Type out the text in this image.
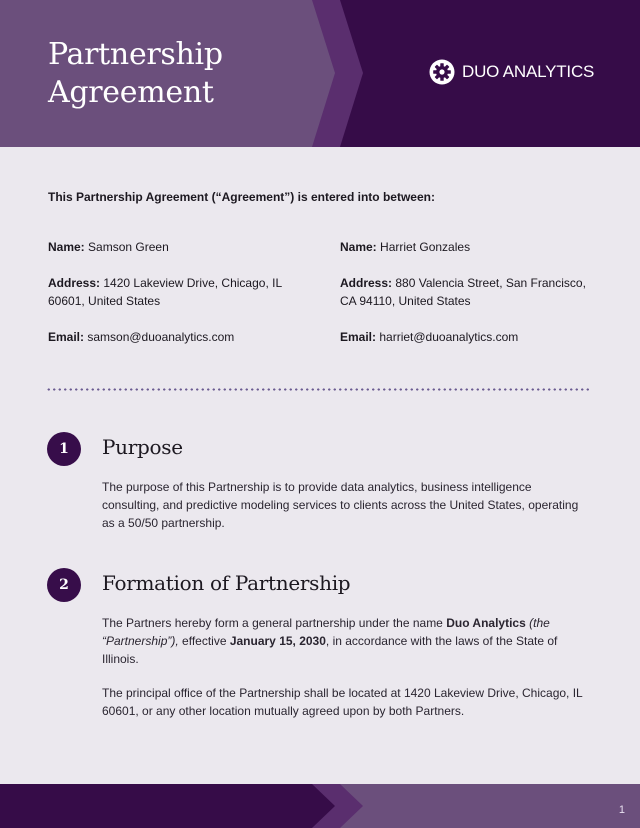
Partnership
Agreement
DUO ANALYTICS

This Partnership Agreement (“Agreement”) is entered into between:

Name: Samson Green

Address: 1420 Lakeview Drive, Chicago, IL 60601, United States

Email: samson@duoanalytics.com

Name: Harriet Gonzales

Address: 880 Valencia Street, San Francisco, CA 94110, United States

Email: harriet@duoanalytics.com

1	Purpose

The purpose of this Partnership is to provide data analytics, business intelligence consulting, and predictive modeling services to clients across the United States, operating as a 50/50 partnership.

2	Formation of Partnership

The Partners hereby form a general partnership under the name Duo Analytics (the “Partnership”), effective January 15, 2030, in accordance with the laws of the State of Illinois.

The principal office of the Partnership shall be located at 1420 Lakeview Drive, Chicago, IL 60601, or any other location mutually agreed upon by both Partners.

1
